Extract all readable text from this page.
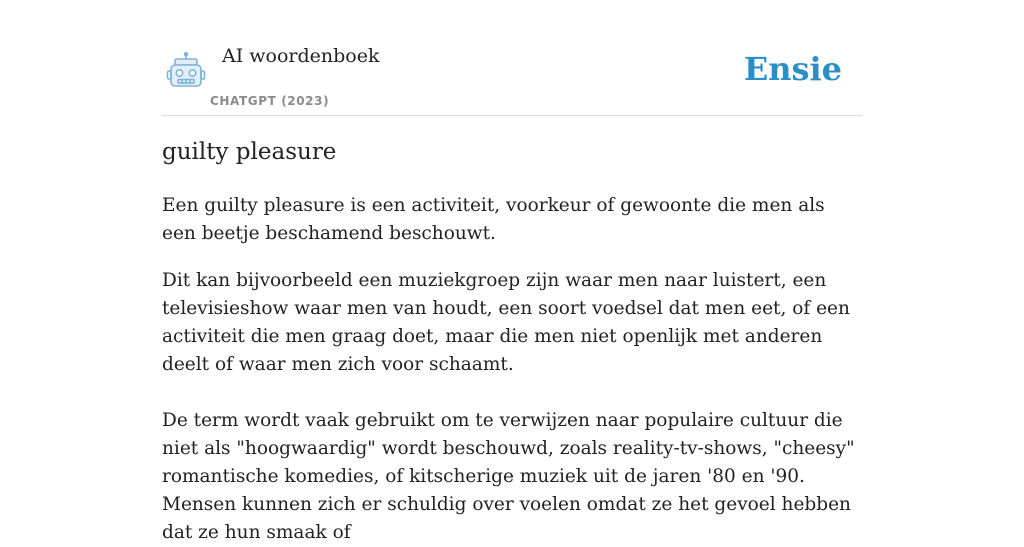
AI woordenboek
CHATGPT (2023)
Ensie
guilty pleasure

Een guilty pleasure is een activiteit, voorkeur of gewoonte die men als een beetje beschamend beschouwt.

Dit kan bijvoorbeeld een muziekgroep zijn waar men naar luistert, een televisieshow waar men van houdt, een soort voedsel dat men eet, of een activiteit die men graag doet, maar die men niet openlijk met anderen deelt of waar men zich voor schaamt.

De term wordt vaak gebruikt om te verwijzen naar populaire cultuur die niet als "hoogwaardig" wordt beschouwd, zoals reality-tv-shows, "cheesy" romantische komedies, of kitscherige muziek uit de jaren '80 en '90. Mensen kunnen zich er schuldig over voelen omdat ze het gevoel hebben dat ze hun smaak of
